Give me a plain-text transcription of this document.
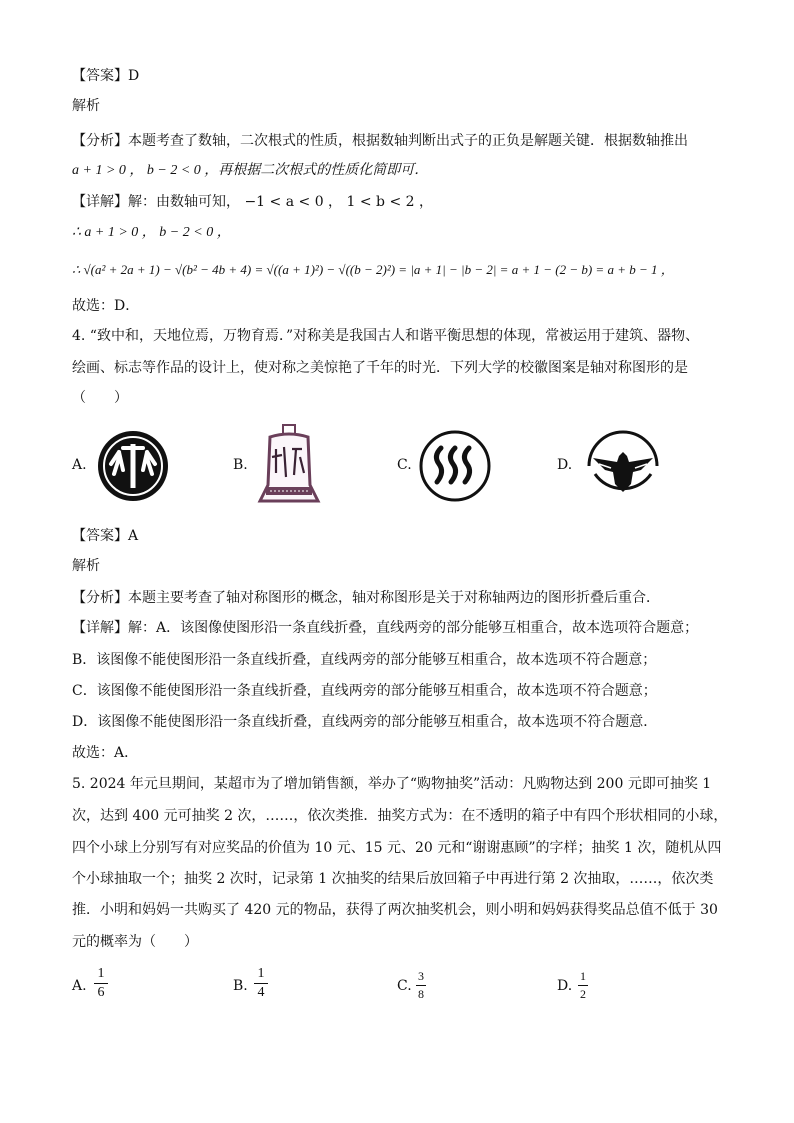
【答案】D
解析
【分析】本题考查了数轴，二次根式的性质，根据数轴判断出式子的正负是解题关键．根据数轴推出
a + 1 > 0 ， b − 2 < 0 ，再根据二次根式的性质化简即可．
【详解】解：由数轴可知， −1 < a < 0 ， 1 < b < 2 ，
∴ a + 1 > 0 ， b − 2 < 0 ，
∴ √(a² + 2a + 1) − √(b² − 4b + 4) = √((a + 1)²) − √((b − 2)²) = |a + 1| − |b − 2| = a + 1 − (2 − b) = a + b − 1 ，
故选：D．
4. “致中和，天地位焉，万物育焉．”对称美是我国古人和谐平衡思想的体现，常被运用于建筑、器物、
绘画、标志等作品的设计上，使对称之美惊艳了千年的时光．下列大学的校徽图案是轴对称图形的是
（　　）
A.	B.	C.	D.
【答案】A
解析
【分析】本题主要考查了轴对称图形的概念，轴对称图形是关于对称轴两边的图形折叠后重合．
【详解】解：A．该图像使图形沿一条直线折叠，直线两旁的部分能够互相重合，故本选项符合题意；
B．该图像不能使图形沿一条直线折叠，直线两旁的部分能够互相重合，故本选项不符合题意；
C．该图像不能使图形沿一条直线折叠，直线两旁的部分能够互相重合，故本选项不符合题意；
D．该图像不能使图形沿一条直线折叠，直线两旁的部分能够互相重合，故本选项不符合题意．
故选：A．
5. 2024 年元旦期间，某超市为了增加销售额，举办了“购物抽奖”活动：凡购物达到 200 元即可抽奖 1
次，达到 400 元可抽奖 2 次，……，依次类推．抽奖方式为：在不透明的箱子中有四个形状相同的小球，
四个小球上分别写有对应奖品的价值为 10 元、15 元、20 元和“谢谢惠顾”的字样；抽奖 1 次，随机从四
个小球抽取一个；抽奖 2 次时，记录第 1 次抽奖的结果后放回箱子中再进行第 2 次抽取，……，依次类
推．小明和妈妈一共购买了 420 元的物品，获得了两次抽奖机会，则小明和妈妈获得奖品总值不低于 30
元的概率为（　　）
A.
1
6	B.
1
4	C.
3
8	D.
1
2
